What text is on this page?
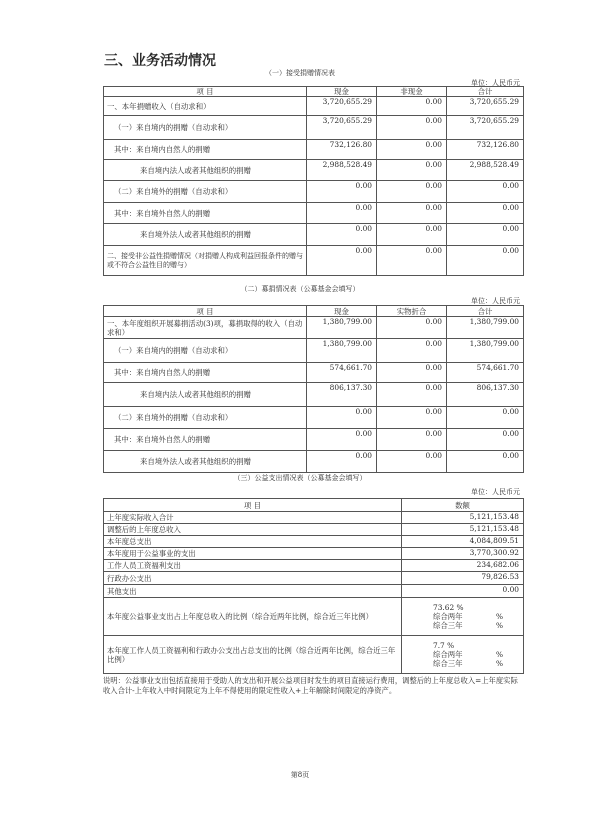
三、业务活动情况
（一）接受捐赠情况表
单位：人民币元
项 目	现金	非现金	合计
一、本年捐赠收入（自动求和）	3,720,655.29	0.00	3,720,655.29
（一）来自境内的捐赠（自动求和）	3,720,655.29	0.00	3,720,655.29
其中：来自境内自然人的捐赠	732,126.80	0.00	732,126.80
来自境内法人或者其他组织的捐赠	2,988,528.49	0.00	2,988,528.49
（二）来自境外的捐赠（自动求和）	0.00	0.00	0.00
其中：来自境外自然人的捐赠	0.00	0.00	0.00
来自境外法人或者其他组织的捐赠	0.00	0.00	0.00
二、接受非公益性捐赠情况（对捐赠人构成利益回报条件的赠与或不符合公益性目的赠与）	0.00	0.00	0.00
（二）募捐情况表（公募基金会填写）
单位：人民币元
项 目	现金	实物折合	合计
一、本年度组织开展募捐活动(3)项，募捐取得的收入（自动求和）	1,380,799.00	0.00	1,380,799.00
（一）来自境内的捐赠（自动求和）	1,380,799.00	0.00	1,380,799.00
其中：来自境内自然人的捐赠	574,661.70	0.00	574,661.70
来自境内法人或者其他组织的捐赠	806,137.30	0.00	806,137.30
（二）来自境外的捐赠（自动求和）	0.00	0.00	0.00
其中：来自境外自然人的捐赠	0.00	0.00	0.00
来自境外法人或者其他组织的捐赠	0.00	0.00	0.00
（三）公益支出情况表（公募基金会填写）
单位：人民币元
项 目	数额
上年度实际收入合计	5,121,153.48
调整后的上年度总收入	5,121,153.48
本年度总支出	4,084,809.51
本年度用于公益事业的支出	3,770,300.92
工作人员工资福利支出	234,682.06
行政办公支出	79,826.53
其他支出	0.00
本年度公益事业支出占上年度总收入的比例（综合近两年比例，综合近三年比例）	73.62 %
综合两年 %
综合三年 %

本年度工作人员工资福利和行政办公支出占总支出的比例（综合近两年比例，综合近三年比例）	7.7 %
综合两年 %
综合三年 %
说明：公益事业支出包括直接用于受助人的支出和开展公益项目时发生的项目直接运行费用，调整后的上年度总收入=上年度实际收入合计-上年收入中时间限定为上年不得使用的限定性收入+上年解除时间限定的净资产。
第8页
